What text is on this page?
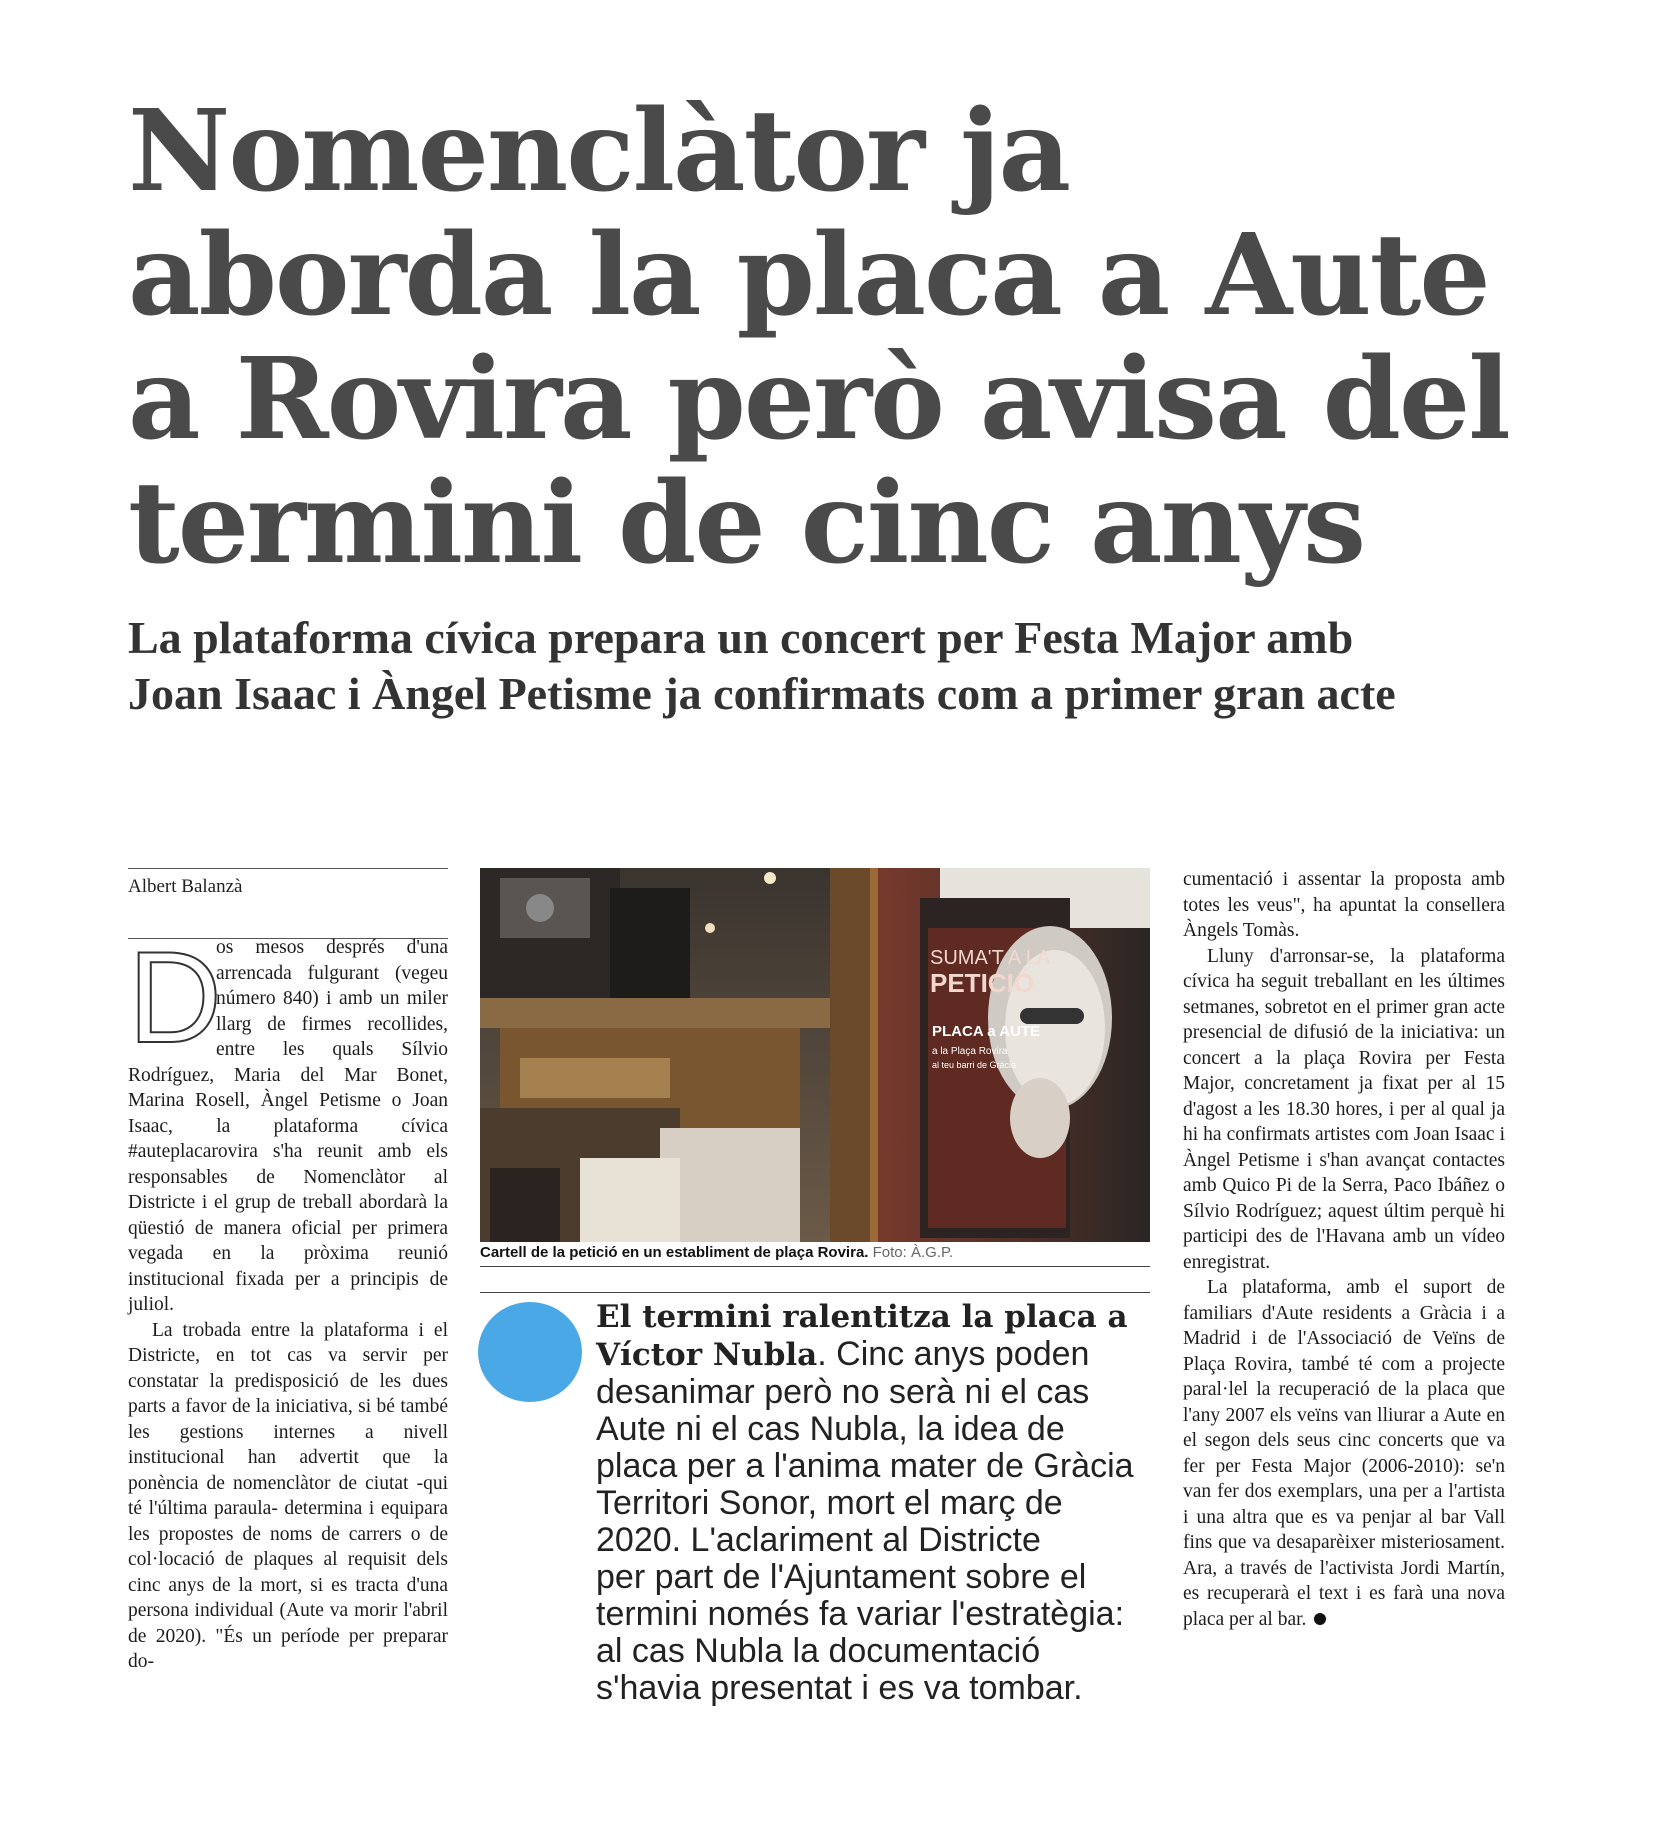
Nomenclàtor ja
aborda la placa a Aute
a Rovira però avisa del
termini de cinc anys
La plataforma cívica prepara un concert per Festa Major amb
Joan Isaac i Àngel Petisme ja confirmats com a primer gran acte
Albert Balanzà

D
os mesos després d'una arrencada fulgurant (vegeu número 840) i amb un miler llarg de firmes recollides, entre les quals Sílvio Rodríguez, Maria del Mar Bonet, Marina Rosell, Àngel Petisme o Joan Isaac, la plataforma cívica #auteplacarovira s'ha reunit amb els responsables de Nomenclàtor al Districte i el grup de treball abordarà la qüestió de manera oficial per primera vegada en la pròxima reunió institucional fixada per a principis de juliol.

La trobada entre la plataforma i el Districte, en tot cas va servir per constatar la predisposició de les dues parts a favor de la iniciativa, si bé també les gestions internes a nivell institucional han advertit que la ponència de nomenclàtor de ciutat -qui té l'última paraula- determina i equipara les propostes de noms de carrers o de col·locació de plaques al requisit dels cinc anys de la mort, si es tracta d'una persona individual (Aute va morir l'abril de 2020). "És un període per preparar do-

SUMA'T A LA
PETICIÓ
PLACA a AUTE
a la Plaça Rovira
al teu barri de Gràcia
Cartell de la petició en un establiment de plaça Rovira. Foto: À.G.P.
El termini ralentitza la placa a
Víctor Nubla. Cinc anys poden
desanimar però no serà ni el cas
Aute ni el cas Nubla, la idea de
placa per a l'anima mater de Gràcia
Territori Sonor, mort el març de
2020. L'aclariment al Districte
per part de l'Ajuntament sobre el
termini només fa variar l'estratègia:
al cas Nubla la documentació
s'havia presentat i es va tombar.

cumentació i assentar la proposta amb totes les veus", ha apuntat la consellera Àngels Tomàs.

Lluny d'arronsar-se, la plataforma cívica ha seguit treballant en les últimes setmanes, sobretot en el primer gran acte presencial de difusió de la iniciativa: un concert a la plaça Rovira per Festa Major, concretament ja fixat per al 15 d'agost a les 18.30 hores, i per al qual ja hi ha confirmats artistes com Joan Isaac i Àngel Petisme i s'han avançat contactes amb Quico Pi de la Serra, Paco Ibáñez o Sílvio Rodríguez; aquest últim perquè hi participi des de l'Havana amb un vídeo enregistrat.

La plataforma, amb el suport de familiars d'Aute residents a Gràcia i a Madrid i de l'Associació de Veïns de Plaça Rovira, també té com a projecte paral·lel la recuperació de la placa que l'any 2007 els veïns van lliurar a Aute en el segon dels seus cinc concerts que va fer per Festa Major (2006-2010): se'n van fer dos exemplars, una per a l'artista i una altra que es va penjar al bar Vall fins que va desaparèixer misteriosament. Ara, a través de l'activista Jordi Martín, es recuperarà el text i es farà una nova placa per al bar.
